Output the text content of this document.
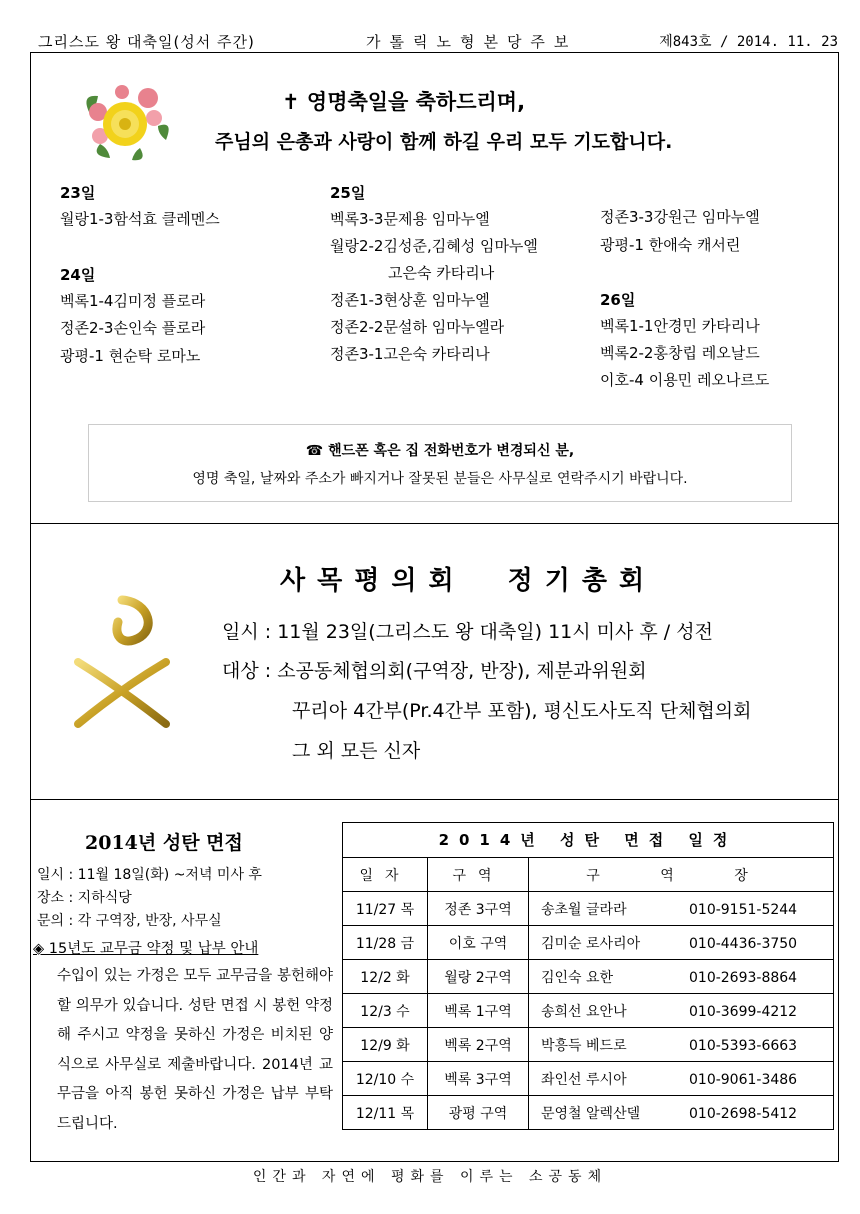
그리스도 왕 대축일(성서 주간)	가톨릭노형본당주보	제843호 / 2014. 11. 23
✝ 영명축일을 축하드리며,
주님의 은총과 사랑이 함께 하길 우리 모두 기도합니다.
23일
월랑1-3함석효 클레멘스
24일
벡록1-4김미정 플로라
정존2-3손인숙 플로라
광평-1 현순탁 로마노
25일
벡록3-3문제용 임마누엘
월랑2-2김성준,김혜성 임마누엘
고은숙 카타리나
정존1-3현상훈 임마누엘
정존2-2문설하 임마누엘라
정존3-1고은숙 카타리나
정존3-3강원근 임마누엘
광평-1 한애숙 캐서린
26일
벡록1-1안경민 카타리나
벡록2-2홍창립 레오날드
이호-4 이용민 레오나르도
☎ 핸드폰 혹은 집 전화번호가 변경되신 분,
영명 축일, 날짜와 주소가 빠지거나 잘못된 분들은 사무실로 연락주시기 바랍니다.
사목평의회  정기총회
일시 : 11월 23일(그리스도 왕 대축일) 11시 미사 후 / 성전
대상 : 소공동체협의회(구역장, 반장), 제분과위원회
꾸리아 4간부(Pr.4간부 포함), 평신도사도직 단체협의회
그 외 모든 신자
2014년 성탄 면접
일시 : 11월 18일(화) ~저녁 미사 후
장소 : 지하식당
문의 : 각 구역장, 반장, 사무실
◈ 15년도 교무금 약정 및 납부 안내
수입이 있는 가정은 모두 교무금을 봉헌해야 할 의무가 있습니다. 성탄 면접 시 봉헌 약정해 주시고 약정을 못하신 가정은 비치된 양식으로 사무실로 제출바랍니다. 2014년 교무금을 아직 봉헌 못하신 가정은 납부 부탁드립니다.
2014년 성탄 면접 일정
일자	구역	구 역 장
11/27 목	정존 3구역	송초월 글라라 010-9151-5244
11/28 금	이호 구역	김미순 로사리아 010-4436-3750
12/2 화	월랑 2구역	김인숙 요한 010-2693-8864
12/3 수	벡록 1구역	송희선 요안나 010-3699-4212
12/9 화	벡록 2구역	박흥득 베드로 010-5393-6663
12/10 수	벡록 3구역	좌인선 루시아 010-9061-3486
12/11 목	광평 구역	문영철 알렉산델 010-2698-5412
인간과 자연에 평화를 이루는 소공동체
